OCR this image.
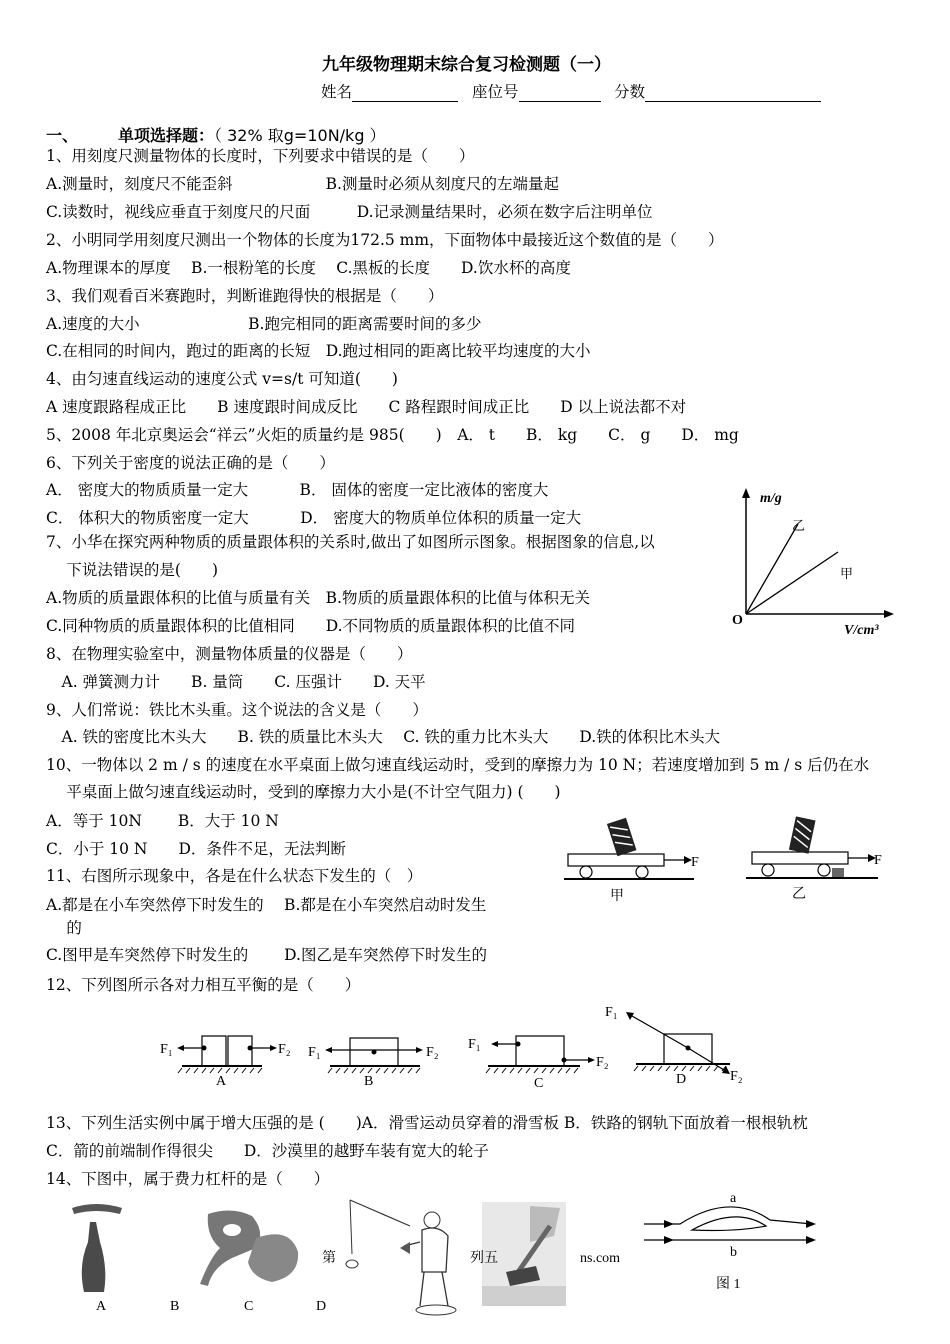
九年级物理期末综合复习检测题（一）
姓名	座位号	分数
一、	单项选择题：（ 32% 取g=10N/kg ）
1、用刻度尺测量物体的长度时，下列要求中错误的是（　　）
A.测量时，刻度尺不能歪斜　　　　　　B.测量时必须从刻度尺的左端量起
C.读数时，视线应垂直于刻度尺的尺面　　　D.记录测量结果时，必须在数字后注明单位
2、小明同学用刻度尺测出一个物体的长度为172.5 mm，下面物体中最接近这个数值的是（　　）
A.物理课本的厚度　 B.一根粉笔的长度　 C.黑板的长度　　D.饮水杯的高度
3、我们观看百米赛跑时，判断谁跑得快的根据是（　　）
A.速度的大小　　　　　　　B.跑完相同的距离需要时间的多少
C.在相同的时间内，跑过的距离的长短　D.跑过相同的距离比较平均速度的大小
4、由匀速直线运动的速度公式 v=s/t 可知道(　　)
A 速度跟路程成正比　　B 速度跟时间成反比　　C 路程跟时间成正比　　D 以上说法都不对
5、2008 年北京奥运会“祥云”火炬的质量约是 985(　　)　A． t　　B． kg　　C． g　　D． mg
6、下列关于密度的说法正确的是（　　）
A． 密度大的物质质量一定大　　　 B． 固体的密度一定比液体的密度大
C． 体积大的物质密度一定大　　　 D． 密度大的物质单位体积的质量一定大
7、小华在探究两种物质的质量跟体积的关系时,做出了如图所示图象。根据图象的信息,以
　 下说法错误的是(　　)
A.物质的质量跟体积的比值与质量有关　B.物质的质量跟体积的比值与体积无关
C.同种物质的质量跟体积的比值相同　　D.不同物质的质量跟体积的比值不同
8、在物理实验室中，测量物体质量的仪器是（　　）
　A. 弹簧测力计　　B. 量筒　　C. 压强计　　D. 天平
9、人们常说：铁比木头重。这个说法的含义是（　　）
　A. 铁的密度比木头大　　B. 铁的质量比木头大　 C. 铁的重力比木头大　　D.铁的体积比木头大
10、一物体以 2 m / s 的速度在水平桌面上做匀速直线运动时，受到的摩擦力为 10 N；若速度增加到 5 m / s 后仍在水
　 平桌面上做匀速直线运动时，受到的摩擦力大小是(不计空气阻力) (　　)
A．等于 10N　　 B．大于 10 N
C．小于 10 N　　D．条件不足，无法判断
11、右图所示现象中，各是在什么状态下发生的（　）
A.都是在小车突然停下时发生的　 B.都是在小车突然启动时发生
　 的
C.图甲是车突然停下时发生的　　 D.图乙是车突然停下时发生的
12、下列图所示各对力相互平衡的是（　　）
13、下列生活实例中属于增大压强的是 (　　)A．滑雪运动员穿着的滑雪板 B．铁路的钢轨下面放着一根根轨枕
C．箭的前端制作得很尖　　D．沙漠里的越野车装有宽大的轮子
14、下图中，属于费力杠杆的是（　　）
m/g
V/cm³
O
乙
甲
F
甲
F
乙
F₁	F₂
A
F₁	F₂
B
F₁
F₂
C
F₁
F₂
D
第	列五	ns.com
A	B	C	D
a
b
图 1
